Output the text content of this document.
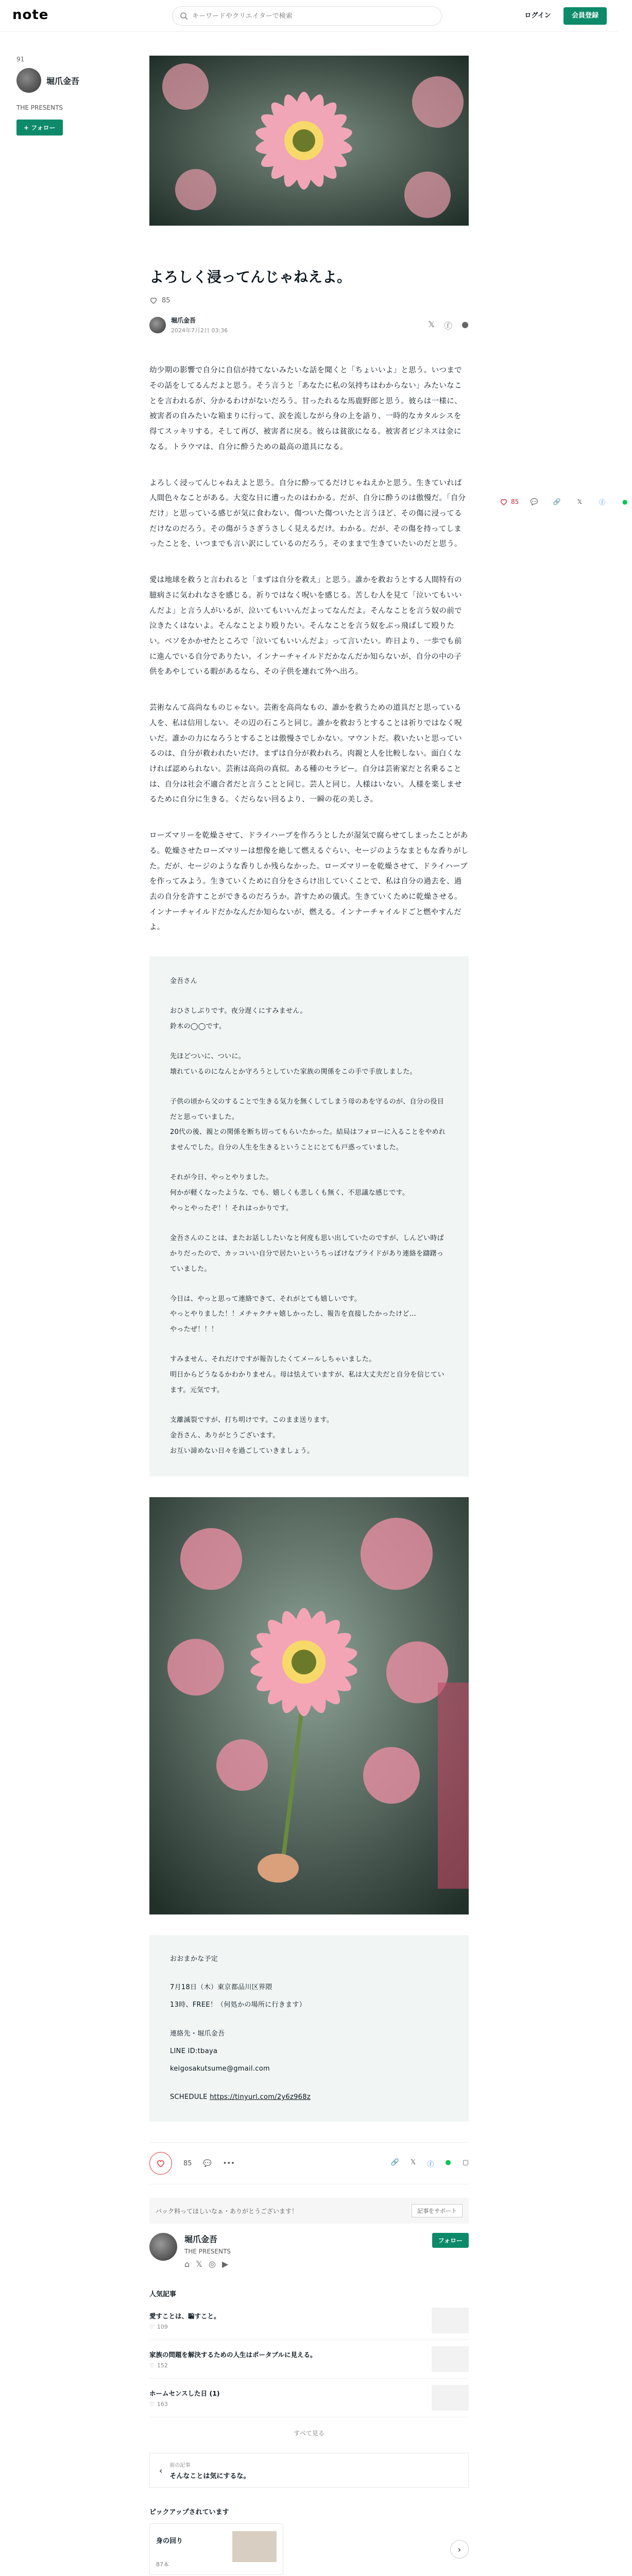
note
キーワードやクリエイターで検索	ログイン	会員登録
91
堀爪金吾
THE PRESENTS
+ フォロー
85	💬	🔗	𝕏	ⓕ	●
よろしく浸ってんじゃねえよ。
85
堀爪金吾
2024年7月2日 03:36
𝕏 ⓕ ●

幼少期の影響で自分に自信が持てないみたいな話を聞くと「ちょいいよ」と思う。いつまでその話をしてるんだよと思う。そう言うと「あなたに私の気持ちはわからない」みたいなことを言われるが、分かるわけがないだろう。甘ったれるな馬鹿野郎と思う。彼らは一様に、被害者の自みたいな箱まりに行って、涙を流しながら身の上を語り、一時的なカタルシスを得てスッキリする。そして再び、被害者に戻る。彼らは貧欲になる。被害者ビジネスは金になる。トラウマは、自分に酔うための最高の道具になる。

よろしく浸ってんじゃねえよと思う。自分に酔ってるだけじゃねえかと思う。生きていれば人間色々なことがある。大変な日に遭ったのはわかる。だが、自分に酔うのは傲慢だ。「自分だけ」と思っている感じが気に食わない。傷ついた傷ついたと言うほど、その傷に浸ってるだけなのだろう。その傷がうさぎうさしく見えるだけ。わかる。だが、その傷を持ってしまったことを、いつまでも言い訳にしているのだろう。そのままで生きていたいのだと思う。

愛は地球を救うと言われると「まずは自分を救え」と思う。誰かを救おうとする人間特有の臆病さに気われなさを感じる。祈りではなく呪いを感じる。苦しむ人を見て「泣いてもいいんだよ」と言う人がいるが、泣いてもいいんだよってなんだよ。そんなことを言う奴の前で泣きたくはないよ。そんなことより殴りたい。そんなことを言う奴をぶっ飛ばして殴りたい。ベソをかかせたところで「泣いてもいいんだよ」って言いたい。昨日より、一歩でも前に進んでいる自分でありたい。インナーチャイルドだかなんだか知らないが、自分の中の子供をあやしている暇があるなら、その子供を連れて外へ出ろ。

芸術なんて高尚なものじゃない。芸術を高尚なもの、誰かを救うための道具だと思っている人を、私は信用しない。その辺の石ころと同じ。誰かを救おうとすることは祈りではなく呪いだ。誰かの力になろうとすることは傲慢さでしかない。マウントだ。救いたいと思っているのは、自分が救われたいだけ。まずは自分が救われろ。肉親と人を比較しない。面白くなければ認められない。芸術は高尚の真似。ある種のセラピー。自分は芸術家だと名乗ることは、自分は社会不適合者だと言うことと同じ。芸人と同じ。人様はいない。人様を楽しませるために自分に生きる。くだらない回るより、一瞬の花の美しさ。

ローズマリーを乾燥させて、ドライハーブを作ろうとしたが湿気で腐らせてしまったことがある。乾燥させたローズマリーは想像を絶して燃えるぐらい、セージのようなまともな香りがした。だが、セージのような香りしか残らなかった。ローズマリーを乾燥させて、ドライハーブを作ってみよう。生きていくために自分をさらけ出していくことで、私は自分の過去を、過去の自分を許すことができるのだろうか。許すための儀式。生きていくために乾燥させる。インナーチャイルドだかなんだか知らないが、燃える。インナーチャイルドごと燃やすんだよ。

金吾さん

おひさしぶりです。夜分遅くにすみません。
鈴木の◯◯です。

先ほどついに、ついに。
壊れているのになんとか守ろうとしていた家族の関係をこの手で手放しました。

子供の頃から父のすることで生きる気力を無くしてしまう母のあを守るのが、自分の役目だと思っていました。
20代の後、親との関係を断ち切ってもらいたかった。結局はフォローに入ることをやめれませんでした。自分の人生を生きるということにとても戸惑っていました。

それが今日、やっとやりました。
何かが軽くなったような、でも、嬉しくも悲しくも無く、不思議な感じです。
やっとやったぞ！！それはっかりです。

金吾さんのことは、またお話ししたいなと何度も思い出していたのですが、しんどい時ばかりだったので、カッコいい自分で居たいというちっぽけなプライドがあり連絡を躊躇っていました。

今日は、やっと思って連絡できて、それがとても嬉しいです。
やっとやりました！！メチャクチャ嬉しかったし、報告を直接したかったけど…
やったぜ！！！

すみません、それだけですが報告したくてメールしちゃいました。
明日からどうなるかわかりません。母は怯えていますが、私は大丈夫だと自分を信じています。元気です。

支離滅裂ですが、打ち明けです。このまま送ります。
金吾さん、ありがとうございます。
お互い諦めない日々を過ごしていきましょう。

おおまかな予定

7月18日（木）東京都品川区界隈
13時、FREE！（何処かの場所に行きます）

連絡先・堀爪金吾
LINE ID:tbaya
keigosakutsume@gmail.com

SCHEDULE https://tinyurl.com/2y6z968z

85 💬 •••	🔗 𝕏 ⓕ ● ▢
バック料ってほしいなぁ・ありがとうございます！	記事をサポート
堀爪金吾
THE PRESENTS
⌂ 𝕏 ◎ ▶
フォロー
人気記事
愛すことは、騙すこと。
♡ 109
家族の問題を解決するための人生はポータブルに見える。
♡ 152
ホームセンスした日 (1)
♡ 163
すべて見る
‹ 前の記事
そんなことは気にするな。
ピックアップされています
身の回り
87本
›
